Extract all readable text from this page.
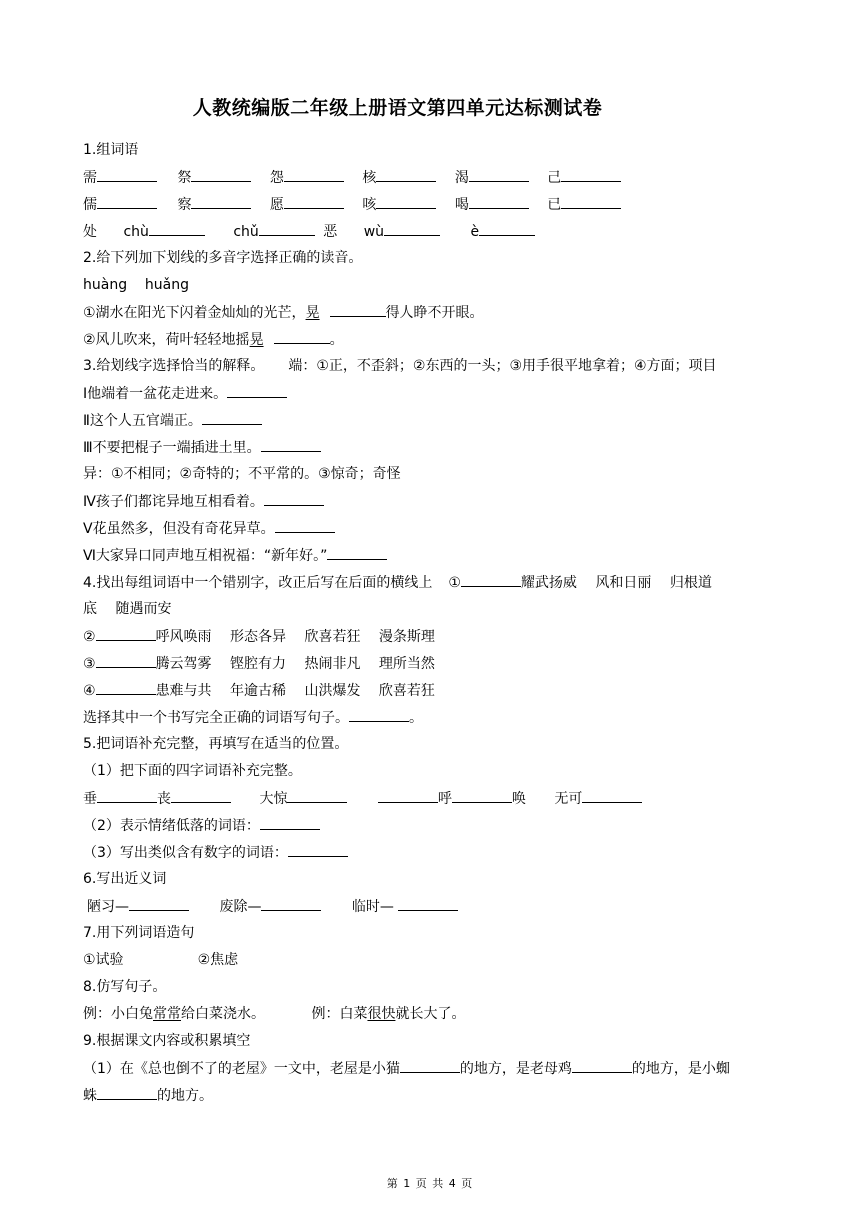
人教统编版二年级上册语文第四单元达标测试卷
1.组词语
需	祭	怨	核	渴	己
儒	察	愿	咳	喝	已
处 chù	chǔ	恶 wù	è
2.给下列加下划线的多音字选择正确的读音。
huàng    huǎng
①湖水在阳光下闪着金灿灿的光芒，晃	得人睁不开眼。
②风儿吹来，荷叶轻轻地摇晃	。
3.给划线字选择恰当的解释。 端：①正，不歪斜；②东西的一头；③用手很平地拿着；④方面；项目
Ⅰ他端着一盆花走进来。
Ⅱ这个人五官端正。
Ⅲ不要把棍子一端插进土里。
异：①不相同；②奇特的；不平常的。③惊奇；奇怪
Ⅳ孩子们都诧异地互相看着。
Ⅴ花虽然多，但没有奇花异草。
Ⅵ大家异口同声地互相祝福：“新年好。”
4.找出每组词语中一个错别字，改正后写在后面的横线上 ①	耀武扬威　 风和日丽　 归根道
底　 随遇而安
②	呼风唤雨　 形态各异　 欣喜若狂　 漫条斯理
③	腾云驾雾　 铿腔有力　 热闹非凡　 理所当然
④	患难与共　 年逾古稀　 山洪爆发　 欣喜若狂
选择其中一个书写完全正确的词语写句子。	。
5.把词语补充完整，再填写在适当的位置。
（1）把下面的四字词语补充完整。
垂	丧	大惊	呼	唤 无可
（2）表示情绪低落的词语：
（3）写出类似含有数字的词语：
6.写出近义词
陋习—	废除—	临时—
7.用下列词语造句
①试验	②焦虑
8.仿写句子。
例：小白兔常常给白菜浇水。	例：白菜很快就长大了。
9.根据课文内容或积累填空
（1）在《总也倒不了的老屋》一文中，老屋是小猫	的地方，是老母鸡	的地方，是小蜘
蛛	的地方。
第 1 页 共 4 页
